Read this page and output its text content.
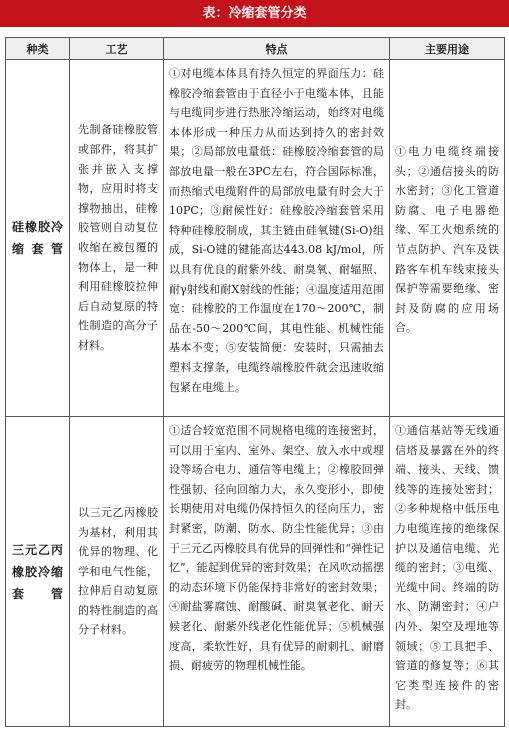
表：冷缩套管分类
种类	工艺	特点	主要用途
硅橡胶冷缩套管	先制备硅橡胶管或部件，将其扩张并嵌入支撑物，应用时将支撑物抽出，硅橡胶管则自动复位收缩在被包覆的物体上，是一种利用硅橡胶拉伸后自动复原的特性制造的高分子材料。	①对电缆本体具有持久恒定的界面压力：硅橡胶冷缩套管由于直径小于电缆本体，且能与电缆同步进行热胀冷缩运动，始终对电缆本体形成一种压力从而达到持久的密封效果；②局部放电量低：硅橡胶冷缩套管的局部放电量一般在3PC左右，符合国际标准，而热缩式电缆附件的局部放电量有时会大于10PC；③耐候性好：硅橡胶冷缩套管采用特种硅橡胶制成，其主链由硅氧键(Si-O)组成，Si-O键的键能高达443.08 kJ/mol，所以具有优良的耐紫外线、耐臭氧、耐辐照、耐γ射线和耐X射线的性能；④温度适用范围宽：硅橡胶的工作温度在170～200℃，制品在-50～200℃间，其电性能、机械性能基本不变；⑤安装简便：安装时，只需抽去塑料支撑条，电缆终端橡胶件就会迅速收缩包紧在电缆上。	①电力电缆终端接头；②通信接头的防水密封；③化工管道防腐、电子电器绝缘、军工火炮系统的节点防护、汽车及铁路客车机车线束接头保护等需要绝缘、密封及防腐的应用场合。
三元乙丙橡胶冷缩套管	以三元乙丙橡胶为基材，利用其优异的物理、化学和电气性能，拉伸后自动复原的特性制造的高分子材料。	①适合较宽范围不同规格电缆的连接密封，可以用于室内、室外、架空、放入水中或埋设等场合电力、通信等电缆上；②橡胶回弹性强韧、径向回缩力大，永久变形小，即使长期使用对电缆仍保持恒久的径向压力，密封紧密，防潮、防水、防尘性能优异；③由于三元乙丙橡胶具有优异的回弹性和“弹性记忆”，能起到优异的密封效果；在风吹动摇摆的动态环境下仍能保持非常好的密封效果；④耐盐雾腐蚀、耐酸碱、耐臭氧老化、耐天候老化、耐紫外线老化性能优异；⑤机械强度高，柔软性好，具有优异的耐刺扎、耐磨损、耐疲劳的物理机械性能。	①通信基站等无线通信塔及暴露在外的终端、接头、天线、馈线等的连接处密封；②多种规格中低压电力电缆连接的绝缘保护以及通信电缆、光缆的密封；③电缆、光缆中间、终端的防水、防潮密封；④户内外、架空及埋地等领域；⑤工具把手、管道的修复等；⑥其它类型连接件的密封。
